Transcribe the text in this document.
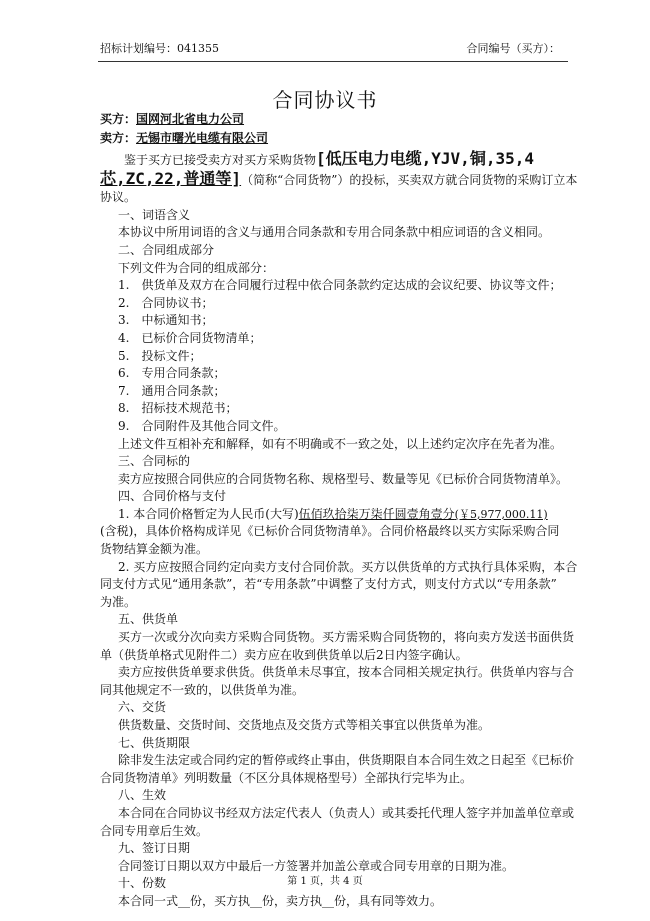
招标计划编号：041355	合同编号（买方）：
合同协议书
买方：国网河北省电力公司
卖方：无锡市曙光电缆有限公司
鉴于买方已接受卖方对买方采购货物[低压电力电缆,YJV,铜,35,4
芯,ZC,22,普通等]（简称“合同货物”）的投标，买卖双方就合同货物的采购订立本
协议。
一、词语含义
本协议中所用词语的含义与通用合同条款和专用合同条款中相应词语的含义相同。
二、合同组成部分
下列文件为合同的组成部分：
1.　供货单及双方在合同履行过程中依合同条款约定达成的会议纪要、协议等文件；
2.　合同协议书；
3.　中标通知书；
4.　已标价合同货物清单；
5.　投标文件；
6.　专用合同条款；
7.　通用合同条款；
8.　招标技术规范书；
9.　合同附件及其他合同文件。
上述文件互相补充和解释，如有不明确或不一致之处，以上述约定次序在先者为准。
三、合同标的
卖方应按照合同供应的合同货物名称、规格型号、数量等见《已标价合同货物清单》。
四、合同价格与支付
1. 本合同价格暂定为人民币(大写)伍佰玖拾柒万柒仟圆壹角壹分(￥5,977,000.11)
(含税)，具体价格构成详见《已标价合同货物清单》。合同价格最终以买方实际采购合同
货物结算金额为准。
2. 买方应按照合同约定向卖方支付合同价款。买方以供货单的方式执行具体采购，本合
同支付方式见“通用条款”，若“专用条款”中调整了支付方式，则支付方式以“专用条款”
为准。
五、供货单
买方一次或分次向卖方采购合同货物。买方需采购合同货物的，将向卖方发送书面供货
单（供货单格式见附件二）卖方应在收到供货单以后2日内签字确认。
卖方应按供货单要求供货。供货单未尽事宜，按本合同相关规定执行。供货单内容与合
同其他规定不一致的，以供货单为准。
六、交货
供货数量、交货时间、交货地点及交货方式等相关事宜以供货单为准。
七、供货期限
除非发生法定或合同约定的暂停或终止事由，供货期限自本合同生效之日起至《已标价
合同货物清单》列明数量（不区分具体规格型号）全部执行完毕为止。
八、生效
本合同在合同协议书经双方法定代表人（负责人）或其委托代理人签字并加盖单位章或
合同专用章后生效。
九、签订日期
合同签订日期以双方中最后一方签署并加盖公章或合同专用章的日期为准。
十、份数
本合同一式__份，买方执__份，卖方执__份，具有同等效力。
第 1 页，共 4 页
